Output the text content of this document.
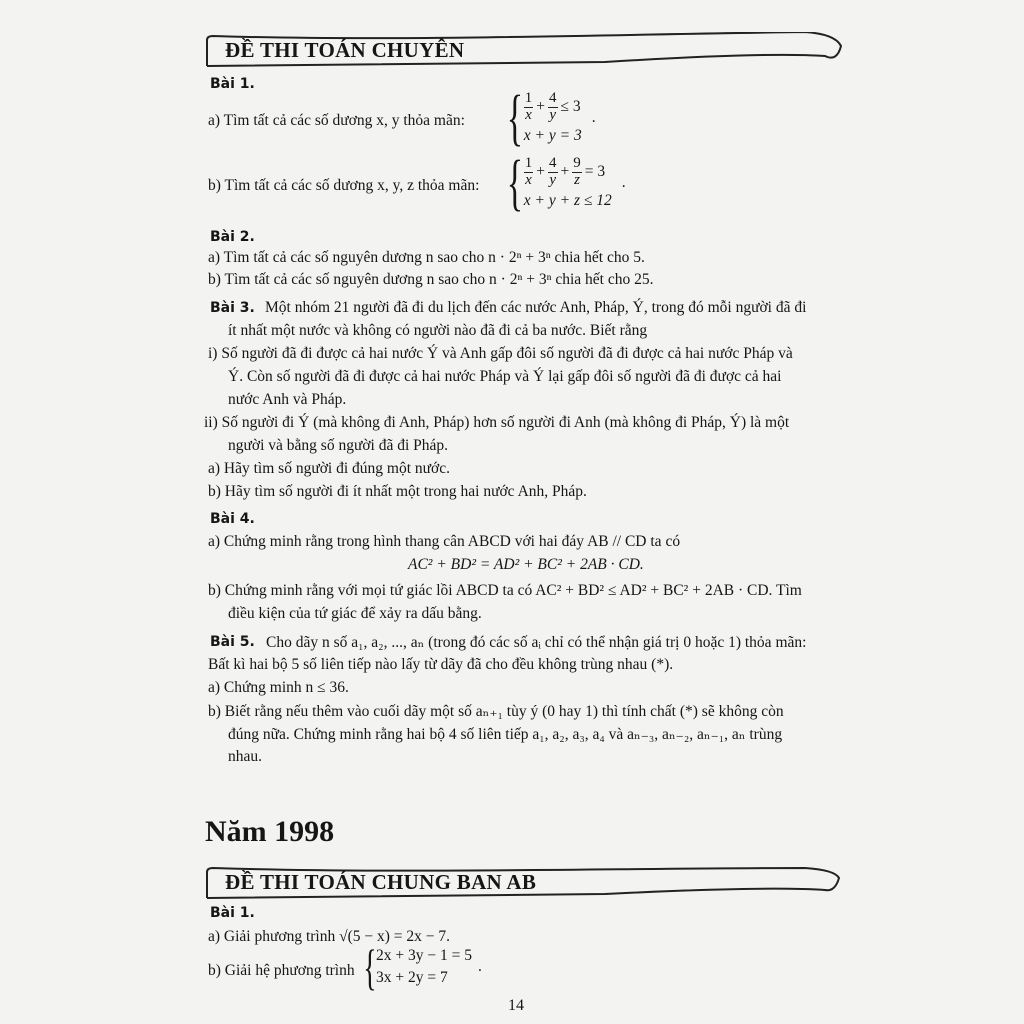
ĐỀ THI TOÁN CHUYÊN
Bài 1.
a) Tìm tất cả các số dương x, y thỏa mãn: { $\frac{1}{x} + \frac{4}{y} \le 3$
x + y = 3
.
b) Tìm tất cả các số dương x, y, z thỏa mãn: { $\frac{1}{x} + \frac{4}{y} + \frac{9}{z} = 3$
x + y + z ≤ 12
.
Bài 2.
a) Tìm tất cả các số nguyên dương n sao cho n · 2ⁿ + 3ⁿ chia hết cho 5.
b) Tìm tất cả các số nguyên dương n sao cho n · 2ⁿ + 3ⁿ chia hết cho 25.
Bài 3. Một nhóm 21 người đã đi du lịch đến các nước Anh, Pháp, Ý, trong đó mỗi người đã đi
ít nhất một nước và không có người nào đã đi cả ba nước. Biết rằng
i) Số người đã đi được cả hai nước Ý và Anh gấp đôi số người đã đi được cả hai nước Pháp và
Ý. Còn số người đã đi được cả hai nước Pháp và Ý lại gấp đôi số người đã đi được cả hai
nước Anh và Pháp.
ii) Số người đi Ý (mà không đi Anh, Pháp) hơn số người đi Anh (mà không đi Pháp, Ý) là một
người và bằng số người đã đi Pháp.
a) Hãy tìm số người đi đúng một nước.
b) Hãy tìm số người đi ít nhất một trong hai nước Anh, Pháp.
Bài 4.
a) Chứng minh rằng trong hình thang cân ABCD với hai đáy AB // CD ta có
AC² + BD² = AD² + BC² + 2AB · CD.
b) Chứng minh rằng với mọi tứ giác lồi ABCD ta có AC² + BD² ≤ AD² + BC² + 2AB · CD. Tìm
điều kiện của tứ giác để xảy ra dấu bằng.
Bài 5. Cho dãy n số a₁, a₂, ..., aₙ (trong đó các số aᵢ chỉ có thể nhận giá trị 0 hoặc 1) thỏa mãn:
Bất kì hai bộ 5 số liên tiếp nào lấy từ dãy đã cho đều không trùng nhau (*).
a) Chứng minh n ≤ 36.
b) Biết rằng nếu thêm vào cuối dãy một số aₙ₊₁ tùy ý (0 hay 1) thì tính chất (*) sẽ không còn
đúng nữa. Chứng minh rằng hai bộ 4 số liên tiếp a₁, a₂, a₃, a₄ và aₙ₋₃, aₙ₋₂, aₙ₋₁, aₙ trùng
nhau.
Năm 1998
ĐỀ THI TOÁN CHUNG BAN AB
Bài 1.
a) Giải phương trình √(5 − x) = 2x − 7.
b) Giải hệ phương trình { 2x + 3y − 1 = 5
3x + 2y = 7
.
14
